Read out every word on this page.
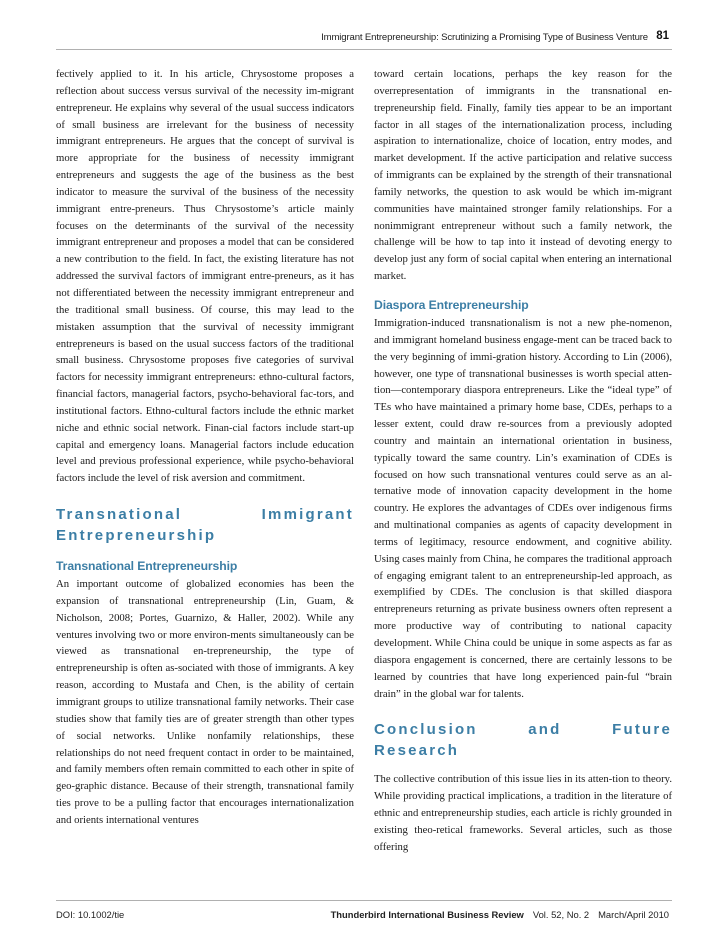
Immigrant Entrepreneurship: Scrutinizing a Promising Type of Business Venture 81

fectively applied to it. In his article, Chrysostome proposes a reflection about success versus survival of the necessity im-migrant entrepreneur. He explains why several of the usual success indicators of small business are irrelevant for the business of necessity immigrant entrepreneurs. He argues that the concept of survival is more appropriate for the business of necessity immigrant entrepreneurs and suggests the age of the business as the best indicator to measure the survival of the business of the necessity immigrant entre-preneurs. Thus Chrysostome’s article mainly focuses on the determinants of the survival of the necessity immigrant entrepreneur and proposes a model that can be considered a new contribution to the field. In fact, the existing literature has not addressed the survival factors of immigrant entre-preneurs, as it has not differentiated between the necessity immigrant entrepreneur and the traditional small business. Of course, this may lead to the mistaken assumption that the survival of necessity immigrant entrepreneurs is based on the usual success factors of the traditional small business. Chrysostome proposes five categories of survival factors for necessity immigrant entrepreneurs: ethno-cultural factors, financial factors, managerial factors, psycho-behavioral fac-tors, and institutional factors. Ethno-cultural factors include the ethnic market niche and ethnic social network. Finan-cial factors include start-up capital and emergency loans. Managerial factors include education level and previous professional experience, while psycho-behavioral factors include the level of risk aversion and commitment.

Transnational Immigrant Entrepreneurship
Transnational Entrepreneurship

An important outcome of globalized economies has been the expansion of transnational entrepreneurship (Lin, Guam, & Nicholson, 2008; Portes, Guarnizo, & Haller, 2002). While any ventures involving two or more environ-ments simultaneously can be viewed as transnational en-trepreneurship, the type of entrepreneurship is often as-sociated with those of immigrants. A key reason, according to Mustafa and Chen, is the ability of certain immigrant groups to utilize transnational family networks. Their case studies show that family ties are of greater strength than other types of social networks. Unlike nonfamily relationships, these relationships do not need frequent contact in order to be maintained, and family members often remain committed to each other in spite of geo-graphic distance. Because of their strength, transnational family ties prove to be a pulling factor that encourages internationalization and orients international ventures

toward certain locations, perhaps the key reason for the overrepresentation of immigrants in the transnational en-trepreneurship field. Finally, family ties appear to be an important factor in all stages of the internationalization process, including aspiration to internationalize, choice of location, entry modes, and market development. If the active participation and relative success of immigrants can be explained by the strength of their transnational family networks, the question to ask would be which im-migrant communities have maintained stronger family relationships. For a nonimmigrant entrepreneur without such a family network, the challenge will be how to tap into it instead of devoting energy to develop just any form of social capital when entering an international market.

Diaspora Entrepreneurship

Immigration-induced transnationalism is not a new phe-nomenon, and immigrant homeland business engage-ment can be traced back to the very beginning of immi-gration history. According to Lin (2006), however, one type of transnational businesses is worth special atten-tion—contemporary diaspora entrepreneurs. Like the “ideal type” of TEs who have maintained a primary home base, CDEs, perhaps to a lesser extent, could draw re-sources from a previously adopted country and maintain an international orientation in business, typically toward the same country. Lin’s examination of CDEs is focused on how such transnational ventures could serve as an al-ternative mode of innovation capacity development in the home country. He explores the advantages of CDEs over indigenous firms and multinational companies as agents of capacity development in terms of legitimacy, resource endowment, and cognitive ability. Using cases mainly from China, he compares the traditional approach of engaging emigrant talent to an entrepreneurship-led approach, as exemplified by CDEs. The conclusion is that skilled diaspora entrepreneurs returning as private business owners often represent a more productive way of contributing to national capacity development. While China could be unique in some aspects as far as diaspora engagement is concerned, there are certainly lessons to be learned by countries that have long experienced pain-ful “brain drain” in the global war for talents.

Conclusion and Future Research

The collective contribution of this issue lies in its atten-tion to theory. While providing practical implications, a tradition in the literature of ethnic and entrepreneurship studies, each article is richly grounded in existing theo-retical frameworks. Several articles, such as those offering

DOI: 10.1002/tie	Thunderbird International Business Review Vol. 52, No. 2 March/April 2010
